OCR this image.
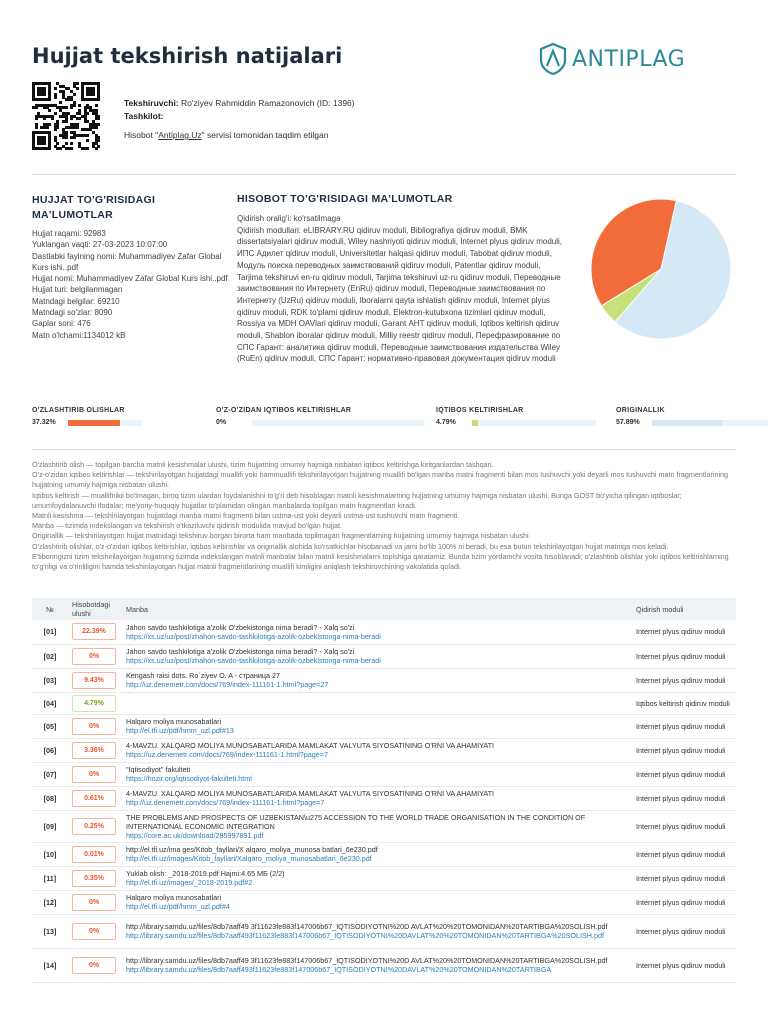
Hujjat tekshirish natijalari	ANTIPLAG
Tekshiruvchi: Ro'ziyev Rahmiddin Ramazonovich (ID: 1396)
Tashkilot:
Hisobot "Antiplag.Uz" servisi tomonidan taqdim etilgan
HUJJAT TO'G'RISIDAGI MA'LUMOTLAR
Hujjat raqami: 92983
Yuklangan vaqti: 27-03-2023 10:07:00
Dastlabki faylning nomi: Muhammadiyev Zafar Global Kurs ishi..pdf
Hujjat nomi: Muhammadiyev Zafar Global Kurs ishi..pdf
Hujjat turi: belgilanmagan
Matndagi belgilar: 69210
Matndagi so'zlar: 8090
Gaplar soni: 476
Matn o'lchami:1134012 kB
HISOBOT TO'G'RISIDAGI MA'LUMOTLAR
Qidirish oralig'i: ko'rsatilmaga
Qidirish modullari: eLIBRARY.RU qidiruv moduli, Bibliografiya qidiruv moduli, BMK dissertatsiyalari qidiruv moduli, Wiley nashriyoti qidiruv moduli, Internet plyus qidiruv moduli, ИПС Адилет qidiruv moduli, Universitetlar halqasi qidiruv moduli, Tabobat qidiruv moduli, Модуль поиска переводных заимствований qidiruv moduli, Patentlar qidiruv moduli, Tarjima tekshiruvi en-ru qidiruv moduli, Tarjima tekshiruvi uz-ru qidiruv moduli, Переводные заимствования по Интернету (EnRu) qidiruv moduli, Переводные заимствования по Интернету (UzRu) qidiruv moduli, Iboralarni qayta ishlatish qidiruv moduli, Internet plyus qidiruv moduli, RDK to'plami qidiruv moduli, Elektron-kutubxona tizimlari qidiruv moduli, Rossiya va MDH OAVlari qidiruv moduli, Garant АНТ qidiruv moduli, Iqtibos keltirish qidiruv moduli, Shablon iboralar qidiruv moduli, Milliy reestr qidiruv moduli, Перефразирование по СПС Гарант: аналитика qidiruv moduli, Переводные заимствования издательства Wiley (RuEn) qidiruv moduli, СПС Гарант: нормативно-правовая документация qidiruv moduli
O'ZLASHTIRIB OLISHLAR
37.32%
O'Z-O'ZIDAN IQTIBOS KELTIRISHLAR
0%
IQTIBOS KELTIRISHLAR
4.79%
ORIGINALLIK
57.89%
O'zlashtirib olish — topilgan barcha matnli kesishmalar ulushi, tizim hujjatning umumiy hajmiga nisbatan iqtibos keltirishga kiritganlardan tashqari.
O'z-o'zidan iqtibos keltirishlar — tekshirilayotgan hujjatdagi muallifi yoki hammuallifi tekshirilayotgan hujjatning muallifi bo'lgan manba matni fragmenti bilan mos tushuvchi yoki deyarli mos tushuvchi matn fragmentlarining hujjatning umumiy hajmiga nisbatan ulushi.
Iqtibos keltirish — muallifnikii bo'lmagan, biroq tizim ulardan foydalanishni to'g'ri deb hisoblagan matnli kesishmalarning hujjatning umumiy hajmiga nisbatan ulushi. Bunga GOST bo'yicha qilingan iqtiboslar; umumfoydalanuvchi ifodalar; me'yoriy-huquqiy hujjatlar to'plamidan olingan manbalarda topilgan matn fragmentlari kiradi.
Matnli kesishma — tekshirilayotgan hujjatdagi manba matni fragmenti bilan ustma-ust yoki deyarli ustma-ust tushuvchi matn fragmenti.
Manba — tizimda indekslangan va tekshirish o'tkaziluvchi qidirish modulida mavjud bo'lgan hujjat.
Originallik — tekshirilayotgan hujjat matnidagi tekshiruv borgan birorta ham manbada topilmagan fragmentlarning hujjatning umumiy hajmiga nisbatan ulushi.
O'zlashtirib olishlar, o'z-o'zidan iqtibos keltirishlar, iqtibos keltirishlar va originallik alohida ko'rsatkichlar hisobanadi va jami bo'lib 100% ni beradi, bu esa butun tekshirilayotgan hujjat matniga mos keladi.
E'tiboringizni tizim tekshirilayotgan hujjatning tizimda indekslangan matnli manbalar bilan matnli kesishmalarni topishiga qaratamiz. Bunda tizim yordamchi vosita hisoblanadi; o'zlashtirib olishlar yoki iqtibos keltirishlarning to'g'riligi va o'rinliligini hamda tekshirilayotgan hujjat matnli fragmentlarining muallifi kimligini aniqlash tekshiruvchining vakolatida qoladi.
№	Hisobotdagi ulushi	Manba	Qidirish moduli
[01]	22.39%	Jahon savdo tashkilotiga a'zolik O'zbekistonga nima beradi? - Xalq so'zi
https://xs.uz/uz/post/zhahon-savdo-tashkilotiga-azolik-ozbekistonga-nima-beradi	Internet plyus qidiruv moduli
[02]	0%	Jahon savdo tashkilotiga a'zolik O'zbekistonga nima beradi? - Xalq so'zi
https://xs.uz/uz/post/zhahon-savdo-tashkilotiga-azolik-ozbekistonga-nima-beradi	Internet plyus qidiruv moduli
[03]	9.43%	Kengash raisi dots. Ro`ziyev O. A - страница 27
http://uz.denemetr.com/docs/769/index-111161-1.html?page=27	Internet plyus qidiruv moduli
[04]	4.79%		Iqtibos keltirish qidiruv moduli
[05]	0%	Halqaro moliya munosabatlari
http://el.tfi.uz/pdf/hmm_uzl.pdf#13	Internet plyus qidiruv moduli
[06]	3.36%	4-MAVZU. XALQARO MOLIYA MUNOSABATLARIDA MAMLAKAT VALYUTA SIYOSATINING O'RNI VA AHAMIYATI
https://uz.denemetr.com/docs/769/index-111161-1.html?page=7	Internet plyus qidiruv moduli
[07]	0%	"Iqtisodiyot" fakulteti
https://hozir.org/iqtisodiyot-fakulteti.html	Internet plyus qidiruv moduli
[08]	0.61%	4-MAVZU. XALQARO MOLIYA MUNOSABATLARIDA MAMLAKAT VALYUTA SIYOSATINING O'RNI VA AHAMIYATI
http://uz.denemetr.com/docs/769/index-111161-1.html?page=7	Internet plyus qidiruv moduli
[09]	0.25%	THE PROBLEMS AND PROSPECTS OF UZBEKISTAN\u275 ACCESSION TO THE WORLD TRADE ORGANISATION IN THE CONDITION OF INTERNATIONAL ECONOMIC INTEGRATION
https://core.ac.uk/download/285997891.pdf	Internet plyus qidiruv moduli
[10]	0.01%	http://el.tfi.uz/ima ges/Kitob_fayllari/X alqaro_moliya_munosa batlari_6e230.pdf
http://el.tfi.uz/images/Kitob_fayllari/Xalqaro_moliya_munosabatlari_6e230.pdf	Internet plyus qidiruv moduli
[11]	0.35%	Yuklab olish: _2018-2019.pdf Hajmi:4.65 МБ (2/2)
http://el.tfi.uz/images/_2018-2019.pdf#2	Internet plyus qidiruv moduli
[12]	0%	Halqaro moliya munosabatlari
http://el.tfi.uz/pdf/hmm_uzl.pdf#4	Internet plyus qidiruv moduli
[13]	0%	http://library.samdu.uz/files/8db7aaff49 3f11623fe883f147006b67_IQTISODIYOTNI%20D AVLAT%20%20TOMONIDAN%20TARTIBGA%20SOLISH.pdf
http://library.samdu.uz/files/8db7aaff493f11623fe883f147006b67_IQTISODIYOTNI%20DAVLAT%20%20TOMONIDAN%20TARTIBGA%20SOLISH.pdf	Internet plyus qidiruv moduli
[14]	0%	http://library.samdu.uz/files/8db7aaff49 3f11623fe883f147006b67_IQTISODIYOTNI%20D AVLAT%20%20TOMONIDAN%20TARTIBGA%20SOLISH.pdf
http://library.samdu.uz/files/8db7aaff493f11623fe883f147006b67_IQTISODIYOTNI%20DAVLAT%20%20TOMONIDAN%20TARTIBGA	Internet plyus qidiruv moduli
